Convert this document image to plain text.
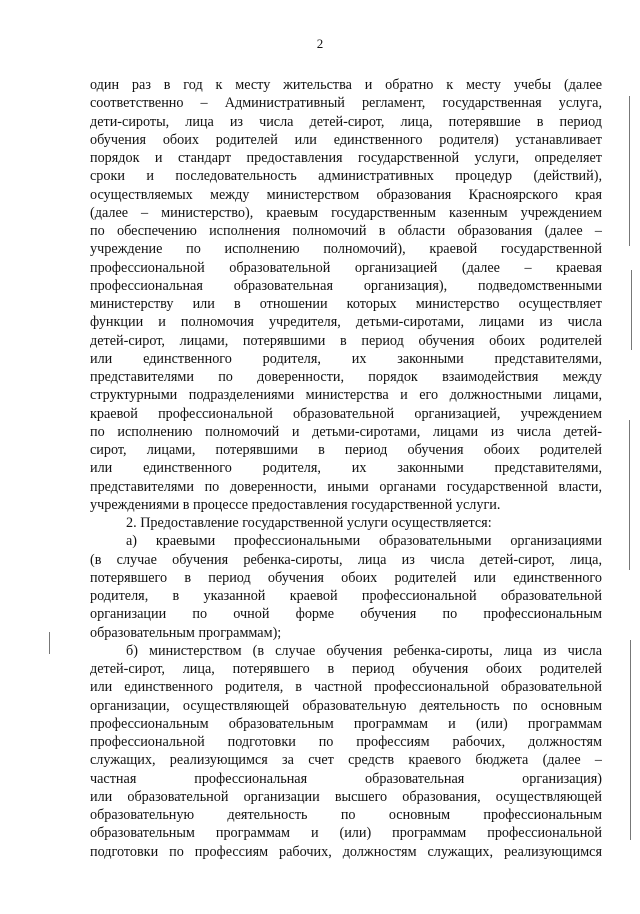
2
один раз в год к месту жительства и обратно к месту учебы (далее
соответственно – Административный регламент, государственная услуга,
дети-сироты, лица из числа детей-сирот, лица, потерявшие в период
обучения обоих родителей или единственного родителя) устанавливает
порядок и стандарт предоставления государственной услуги, определяет
сроки и последовательность административных процедур (действий),
осуществляемых между министерством образования Красноярского края
(далее – министерство), краевым государственным казенным учреждением
по обеспечению исполнения полномочий в области образования (далее –
учреждение по исполнению полномочий), краевой государственной
профессиональной образовательной организацией (далее – краевая
профессиональная образовательная организация), подведомственными
министерству или в отношении которых министерство осуществляет
функции и полномочия учредителя, детьми-сиротами, лицами из числа
детей-сирот, лицами, потерявшими в период обучения обоих родителей
или единственного родителя, их законными представителями,
представителями по доверенности, порядок взаимодействия между
структурными подразделениями министерства и его должностными лицами,
краевой профессиональной образовательной организацией, учреждением
по исполнению полномочий и детьми-сиротами, лицами из числа детей-
сирот, лицами, потерявшими в период обучения обоих родителей
или единственного родителя, их законными представителями,
представителями по доверенности, иными органами государственной власти,
учреждениями в процессе предоставления государственной услуги.
2. Предоставление государственной услуги осуществляется:
а) краевыми профессиональными образовательными организациями
(в случае обучения ребенка-сироты, лица из числа детей-сирот, лица,
потерявшего в период обучения обоих родителей или единственного
родителя, в указанной краевой профессиональной образовательной
организации по очной форме обучения по профессиональным
образовательным программам);
б) министерством (в случае обучения ребенка-сироты, лица из числа
детей-сирот, лица, потерявшего в период обучения обоих родителей
или единственного родителя, в частной профессиональной образовательной
организации, осуществляющей образовательную деятельность по основным
профессиональным образовательным программам и (или) программам
профессиональной подготовки по профессиям рабочих, должностям
служащих, реализующимся за счет средств краевого бюджета (далее –
частная профессиональная образовательная организация)
или образовательной организации высшего образования, осуществляющей
образовательную деятельность по основным профессиональным
образовательным программам и (или) программам профессиональной
подготовки по профессиям рабочих, должностям служащих, реализующимся
